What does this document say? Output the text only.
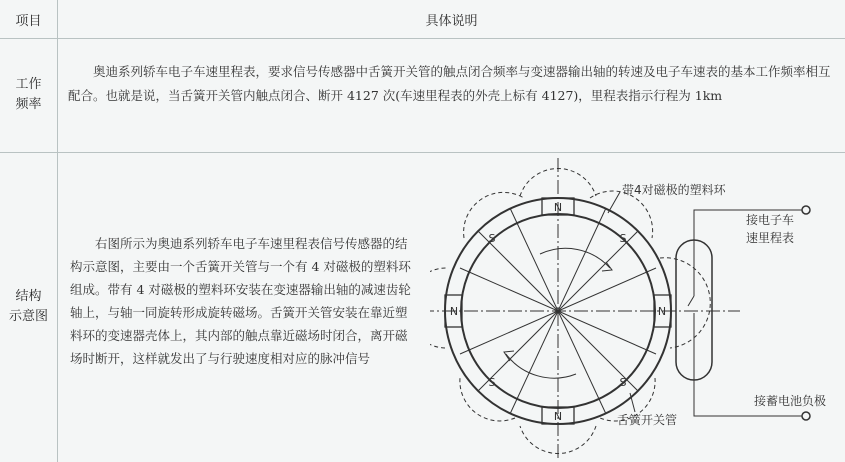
项目	具体说明
工作
频率
奥迪系列轿车电子车速里程表，要求信号传感器中舌簧开关管的触点闭合频率与变速器输出轴的转速及电子车速表的基本工作频率相互配合。也就是说，当舌簧开关管内触点闭合、断开 4127 次(车速里程表的外壳上标有 4127)，里程表指示行程为 1km
结构
示意图
右图所示为奥迪系列轿车电子车速里程表信号传感器的结构示意图，主要由一个舌簧开关管与一个有 4 对磁极的塑料环组成。带有 4 对磁极的塑料环安装在变速器输出轴的减速齿轮轴上，与轴一同旋转形成旋转磁场。舌簧开关管安装在靠近塑料环的变速器壳体上，其内部的触点靠近磁场时闭合，离开磁场时断开，这样就发出了与行驶速度相对应的脉冲信号
N
S
N
S
N
S
N
S
带4对磁极的塑料环
接电子车
速里程表
接蓄电池负极
舌簧开关管
